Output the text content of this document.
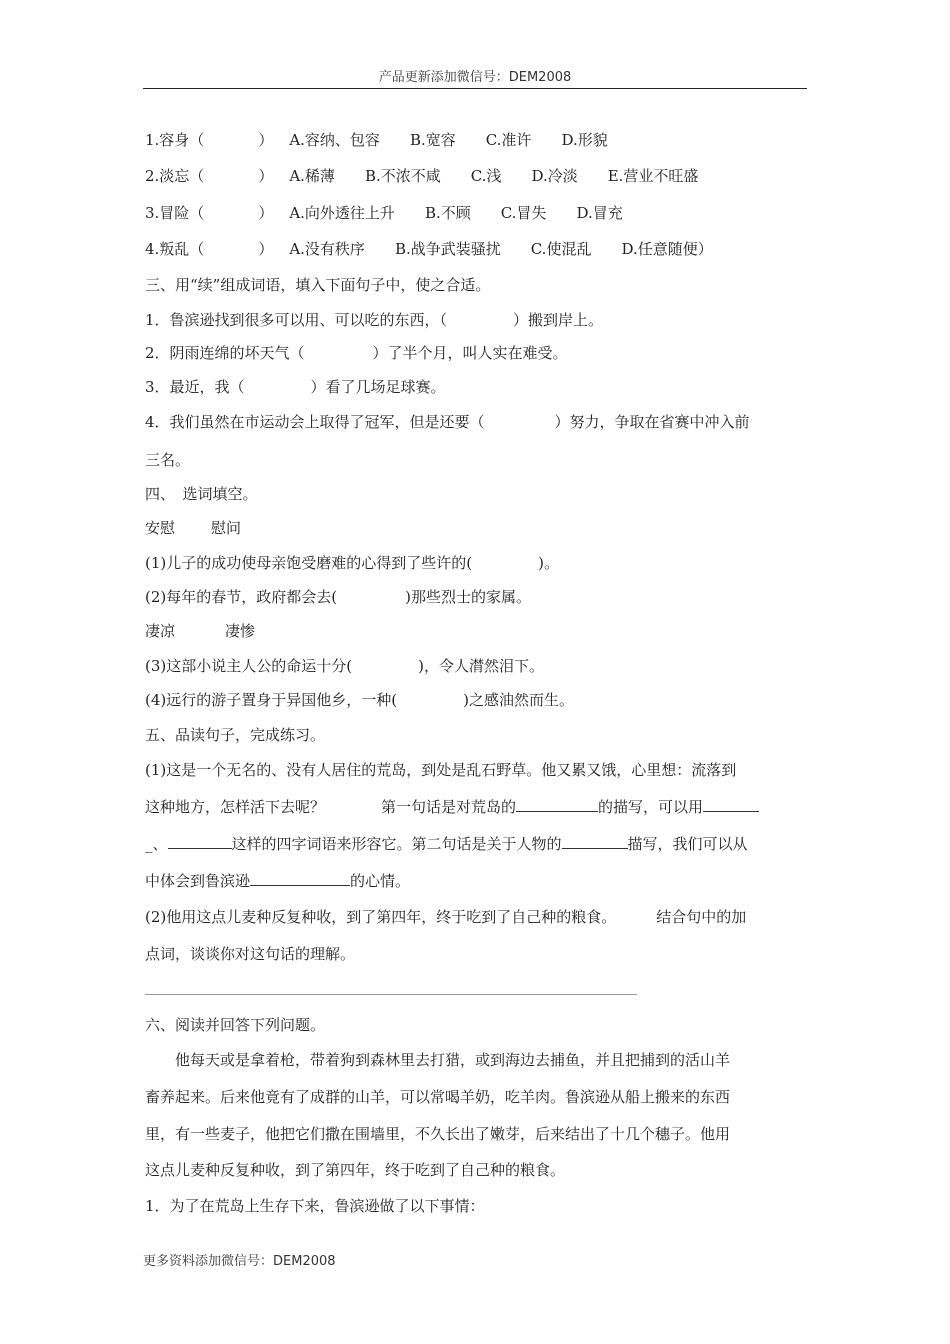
产品更新添加微信号：DEM2008
1.容身（	） A.容纳、包容 B.宽容 C.准许 D.形貌
2.淡忘（	） A.稀薄 B.不浓不咸 C.浅 D.冷淡 E.营业不旺盛
3.冒险（	） A.向外透往上升 B.不顾 C.冒失 D.冒充
4.叛乱（	） A.没有秩序 B.战争武装骚扰 C.使混乱 D.任意随便）
三、用“续”组成词语，填入下面句子中，使之合适。
1．鲁滨逊找到很多可以用、可以吃的东西，（	）搬到岸上。
2．阴雨连绵的坏天气（	）了半个月，叫人实在难受。
3．最近，我（	）看了几场足球赛。
4．我们虽然在市运动会上取得了冠军，但是还要（	）努力，争取在省赛中冲入前
三名。
四、　选词填空。
安慰 慰问
(1)儿子的成功使母亲饱受磨难的心得到了些许的(	)。
(2)每年的春节，政府都会去(	)那些烈士的家属。
凄凉	凄惨
(3)这部小说主人公的命运十分(	)，令人潸然泪下。
(4)远行的游子置身于异国他乡，一种(	)之感油然而生。
五、品读句子，完成练习。
(1)这是一个无名的、没有人居住的荒岛，到处是乱石野草。他又累又饿，心里想：流落到
这种地方，怎样活下去呢？	第一句话是对荒岛的	的描写，可以用
_、	这样的四字词语来形容它。第二句话是关于人物的	描写，我们可以从
中体会到鲁滨逊	的心情。
(2)他用这点儿麦种反复种收，到了第四年，终于吃到了自己种的粮食。	结合句中的加
点词，谈谈你对这句话的理解。
六、阅读并回答下列问题。
他每天或是拿着枪，带着狗到森林里去打猎，或到海边去捕鱼，并且把捕到的活山羊
畜养起来。后来他竟有了成群的山羊，可以常喝羊奶，吃羊肉。鲁滨逊从船上搬来的东西
里，有一些麦子，他把它们撒在围墙里，不久长出了嫩芽，后来结出了十几个穗子。他用
这点儿麦种反复种收，到了第四年，终于吃到了自己种的粮食。
1．为了在荒岛上生存下来，鲁滨逊做了以下事情：
更多资料添加微信号：DEM2008
